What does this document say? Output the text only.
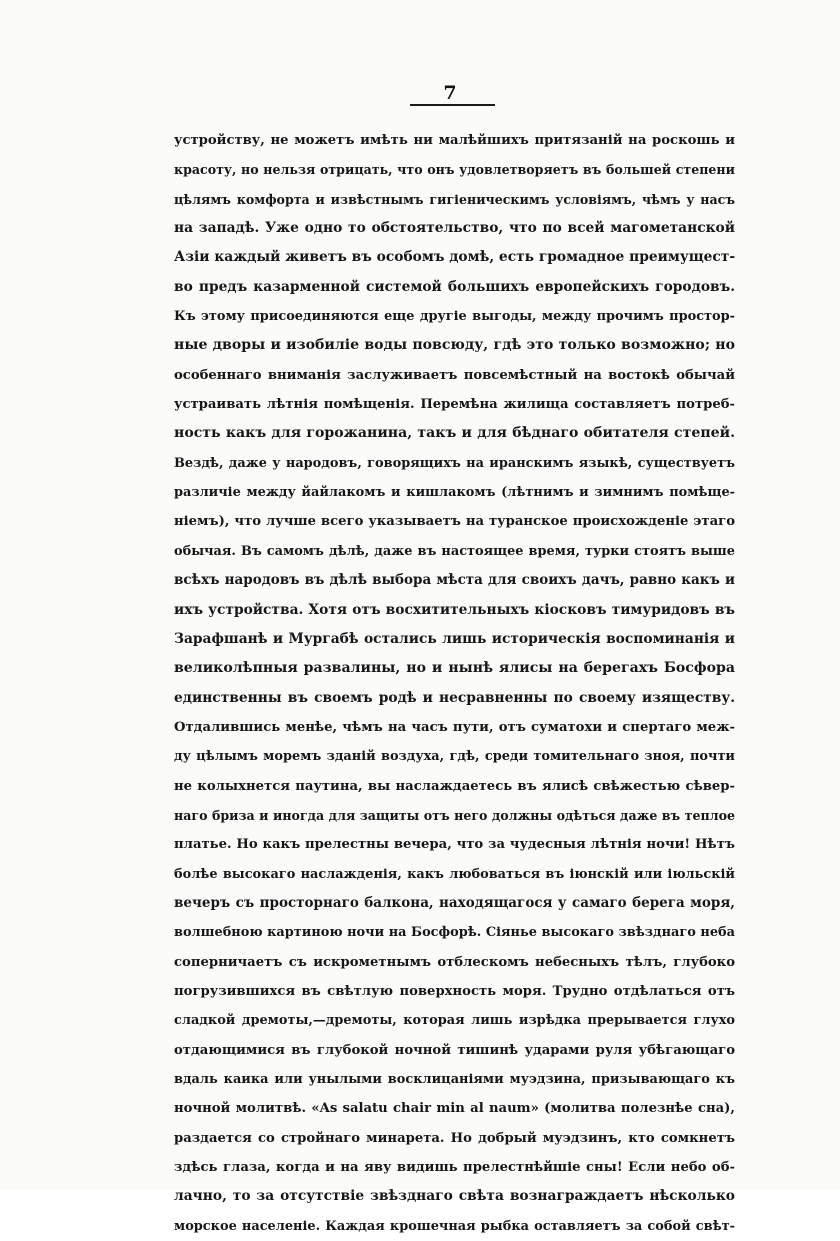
7
устройству, не можетъ имѣть ни малѣйшихъ притязаній на роскошь и
красоту, но нельзя отрицать, что онъ удовлетворяетъ въ большей степени
цѣлямъ комфорта и извѣстнымъ гигіеническимъ условіямъ, чѣмъ у насъ
на западѣ. Уже одно то обстоятельство, что по всей магометанской
Азіи каждый живетъ въ особомъ домѣ, есть громадное преимущест-
во предъ казарменной системой большихъ европейскихъ городовъ.
Къ этому присоединяются еще другіе выгоды, между прочимъ простор-
ные дворы и изобиліе воды повсюду, гдѣ это только возможно; но
особеннаго вниманія заслуживаетъ повсемѣстный на востокѣ обычай
устраивать лѣтнія помѣщенія. Перемѣна жилища составляетъ потреб-
ность какъ для горожанина, такъ и для бѣднаго обитателя степей.
Вездѣ, даже у народовъ, говорящихъ на иранскимъ языкѣ, существуетъ
различіе между йайлакомъ и кишлакомъ (лѣтнимъ и зимнимъ помѣще-
ніемъ), что лучше всего указываетъ на туранское происхожденіе этаго
обычая. Въ самомъ дѣлѣ, даже въ настоящее время, турки стоятъ выше
всѣхъ народовъ въ дѣлѣ выбора мѣста для своихъ дачъ, равно какъ и
ихъ устройства. Хотя отъ восхитительныхъ кіосковъ тимуридовъ въ
Зарафшанѣ и Мургабѣ остались лишь историческія воспоминанія и
великолѣпныя развалины, но и нынѣ ялисы на берегахъ Босфора
единственны въ своемъ родѣ и несравненны по своему изяществу.
Отдалившись менѣе, чѣмъ на часъ пути, отъ суматохи и спертаго меж-
ду цѣлымъ моремъ зданій воздуха, гдѣ, среди томительнаго зноя, почти
не колыхнется паутина, вы наслаждаетесь въ ялисѣ свѣжестью сѣвер-
наго бриза и иногда для защиты отъ него должны одѣться даже въ теплое
платье. Но какъ прелестны вечера, что за чудесныя лѣтнія ночи! Нѣтъ
болѣе высокаго наслажденія, какъ любоваться въ іюнскій или іюльскій
вечеръ съ просторнаго балкона, находящагося у самаго берега моря,
волшебною картиною ночи на Босфорѣ. Сіянье высокаго звѣзднаго неба
соперничаетъ съ искрометнымъ отблескомъ небесныхъ тѣлъ, глубоко
погрузившихся въ свѣтлую поверхность моря. Трудно отдѣлаться отъ
сладкой дремоты,—дремоты, которая лишь изрѣдка прерывается глухо
отдающимися въ глубокой ночной тишинѣ ударами руля убѣгающаго
вдаль каика или унылыми восклицаніями муэдзина, призывающаго къ
ночной молитвѣ. «As salatu chair min al naum» (молитва полезнѣе сна),
раздается со стройнаго минарета. Но добрый муэдзинъ, кто сомкнетъ
здѣсь глаза, когда и на яву видишь прелестнѣйшіе сны! Если небо об-
лачно, то за отсутствіе звѣзднаго свѣта вознаграждаетъ нѣсколько
морское населеніе. Каждая крошечная рыбка оставляетъ за собой свѣт-
